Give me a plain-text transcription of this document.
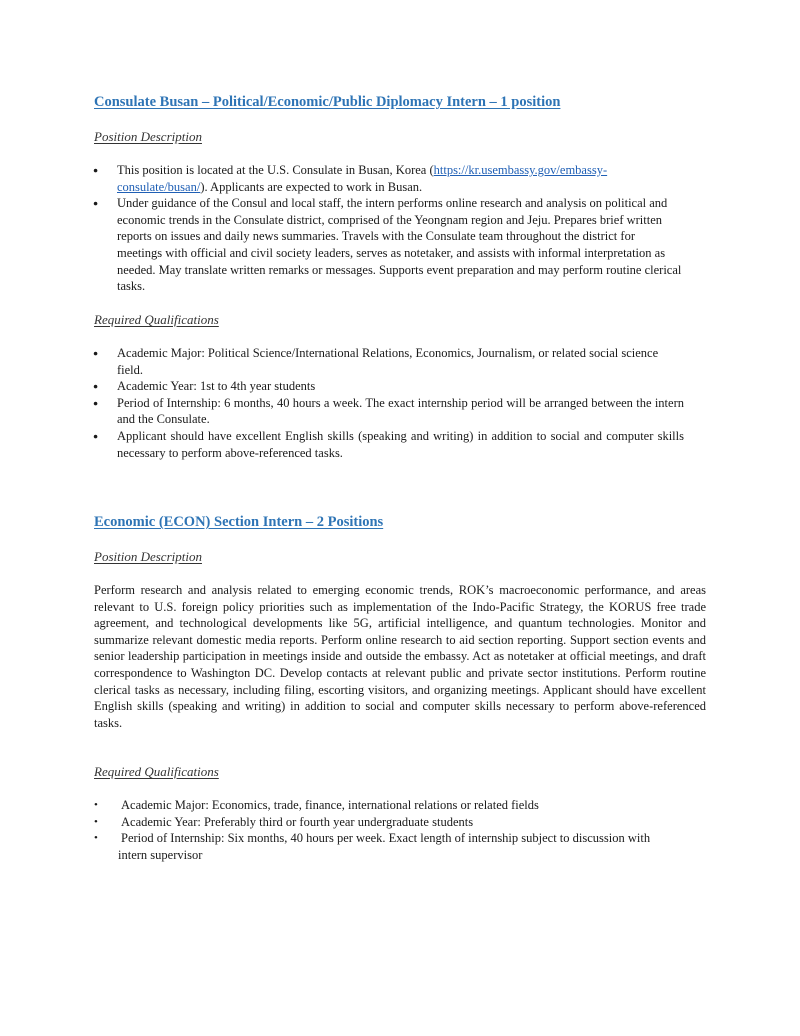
Consulate Busan – Political/Economic/Public Diplomacy Intern – 1 position
Position Description
● This position is located at the U.S. Consulate in Busan, Korea (https://kr.usembassy.gov/embassy-consulate/busan/). Applicants are expected to work in Busan.
● Under guidance of the Consul and local staff, the intern performs online research and analysis on political and economic trends in the Consulate district, comprised of the Yeongnam region and Jeju. Prepares brief written reports on issues and daily news summaries. Travels with the Consulate team throughout the district for meetings with official and civil society leaders, serves as notetaker, and assists with informal interpretation as needed. May translate written remarks or messages. Supports event preparation and may perform routine clerical tasks.
Required Qualifications
● Academic Major: Political Science/International Relations, Economics, Journalism, or related social science field.
● Academic Year: 1st to 4th year students
● Period of Internship: 6 months, 40 hours a week. The exact internship period will be arranged between the intern and the Consulate.
● Applicant should have excellent English skills (speaking and writing) in addition to social and computer skills necessary to perform above-referenced tasks.
Economic (ECON) Section Intern – 2 Positions
Position Description
Perform research and analysis related to emerging economic trends, ROK’s macroeconomic performance, and areas relevant to U.S. foreign policy priorities such as implementation of the Indo-Pacific Strategy, the KORUS free trade agreement, and technological developments like 5G, artificial intelligence, and quantum technologies. Monitor and summarize relevant domestic media reports. Perform online research to aid section reporting. Support section events and senior leadership participation in meetings inside and outside the embassy. Act as notetaker at official meetings, and draft correspondence to Washington DC. Develop contacts at relevant public and private sector institutions. Perform routine clerical tasks as necessary, including filing, escorting visitors, and organizing meetings. Applicant should have excellent English skills (speaking and writing) in addition to social and computer skills necessary to perform above-referenced tasks.
Required Qualifications
• Academic Major: Economics, trade, finance, international relations or related fields
• Academic Year: Preferably third or fourth year undergraduate students
• Period of Internship: Six months, 40 hours per week. Exact length of internship subject to discussion with intern supervisor
